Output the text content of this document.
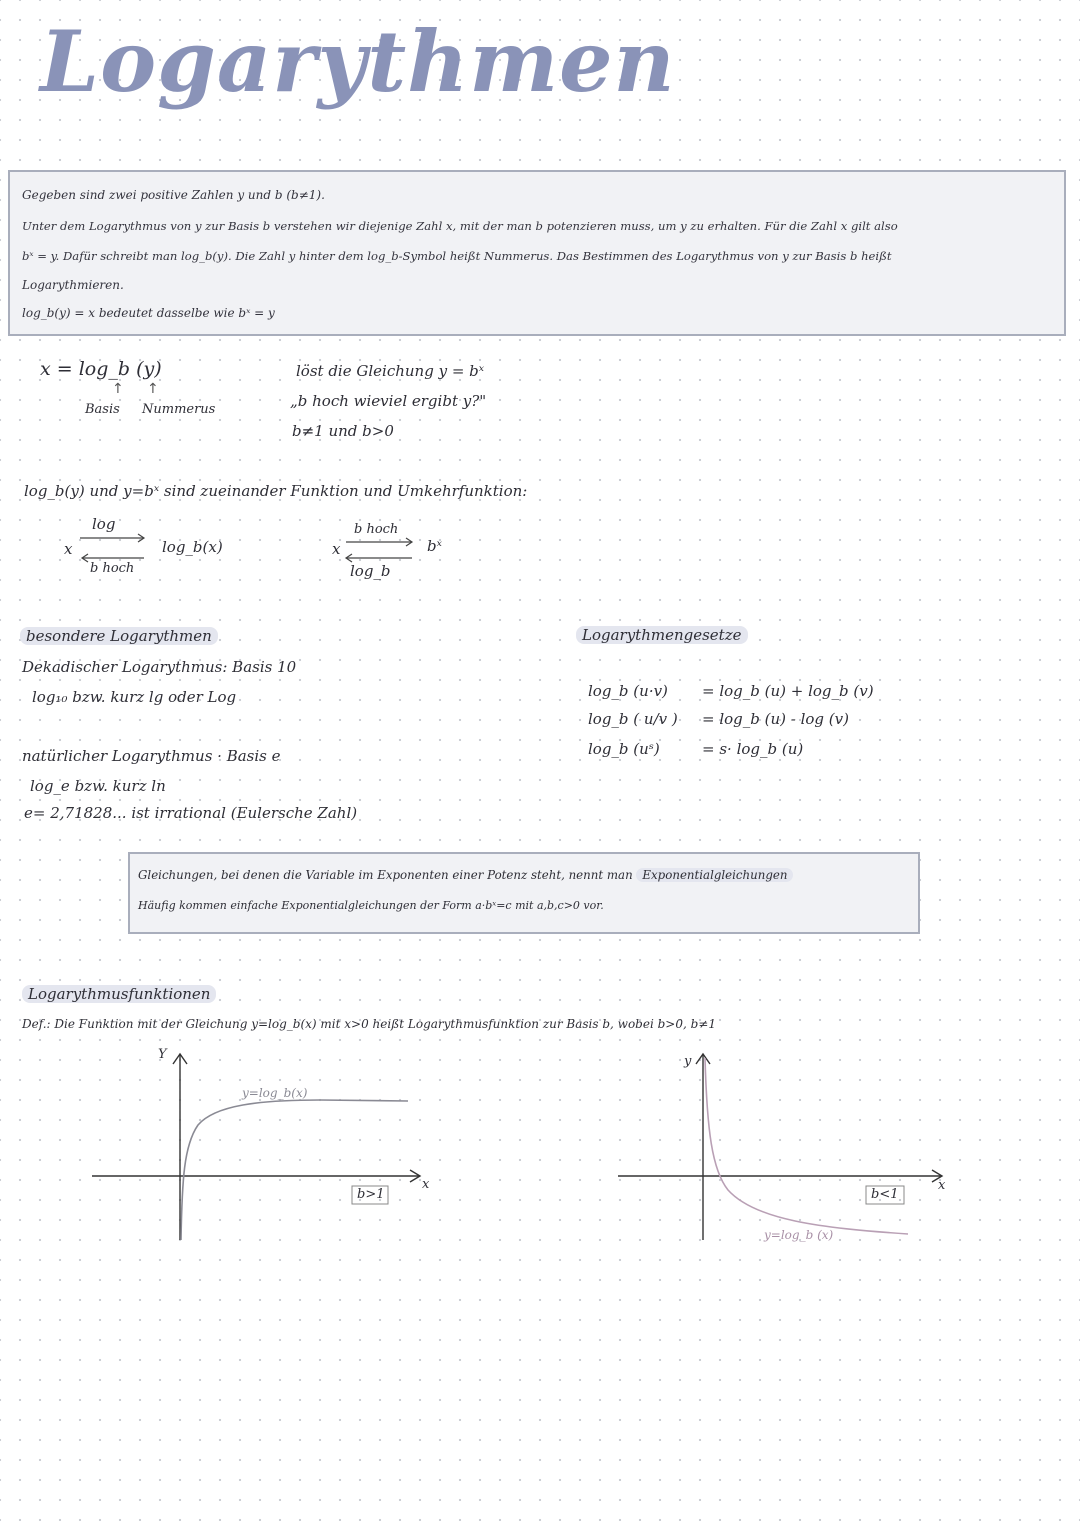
Logarythmen
Gegeben sind zwei positive Zahlen y und b (b≠1).
Unter dem Logarythmus von y zur Basis b verstehen wir diejenige Zahl x, mit der man b potenzieren muss, um y zu erhalten. Für die Zahl x gilt also
bˣ = y. Dafür schreibt man log_b(y). Die Zahl y hinter dem log_b-Symbol heißt Nummerus. Das Bestimmen des Logarythmus von y zur Basis b heißt
Logarythmieren.
log_b(y) = x bedeutet dasselbe wie bˣ = y
x = log_b (y)
↑ ↑
Basis Nummerus
löst die Gleichung y = bˣ
„b hoch wieviel ergibt y?"
b≠1 und b>0
log_b(y) und y=bˣ sind zueinander Funktion und Umkehrfunktion:
x
log
b hoch
log_b(x)	x
b hoch
log_b
bˣ
besondere Logarythmen
Dekadischer Logarythmus: Basis 10
log₁₀ bzw. kurz lg oder Log
natürlicher Logarythmus · Basis e
log_e bzw. kurz ln
e= 2,71828... ist irrational (Eulersche Zahl)
Logarythmengesetze
log_b (u·v) = log_b (u) + log_b (v)
log_b ( u/v ) = log_b (u) - log (v)
log_b (uˢ)	= s· log_b (u)
Gleichungen, bei denen die Variable im Exponenten einer Potenz steht, nennt man Exponentialgleichungen
Häufig kommen einfache Exponentialgleichungen der Form a·bˣ=c mit a,b,c>0 vor.
Logarythmusfunktionen
Def.: Die Funktion mit der Gleichung y=log_b(x) mit x>0 heißt Logarythmusfunktion zur Basis b, wobei b>0, b≠1
Y
x
y=log_b(x)
b>1
y
x
y=log_b (x)
b<1
